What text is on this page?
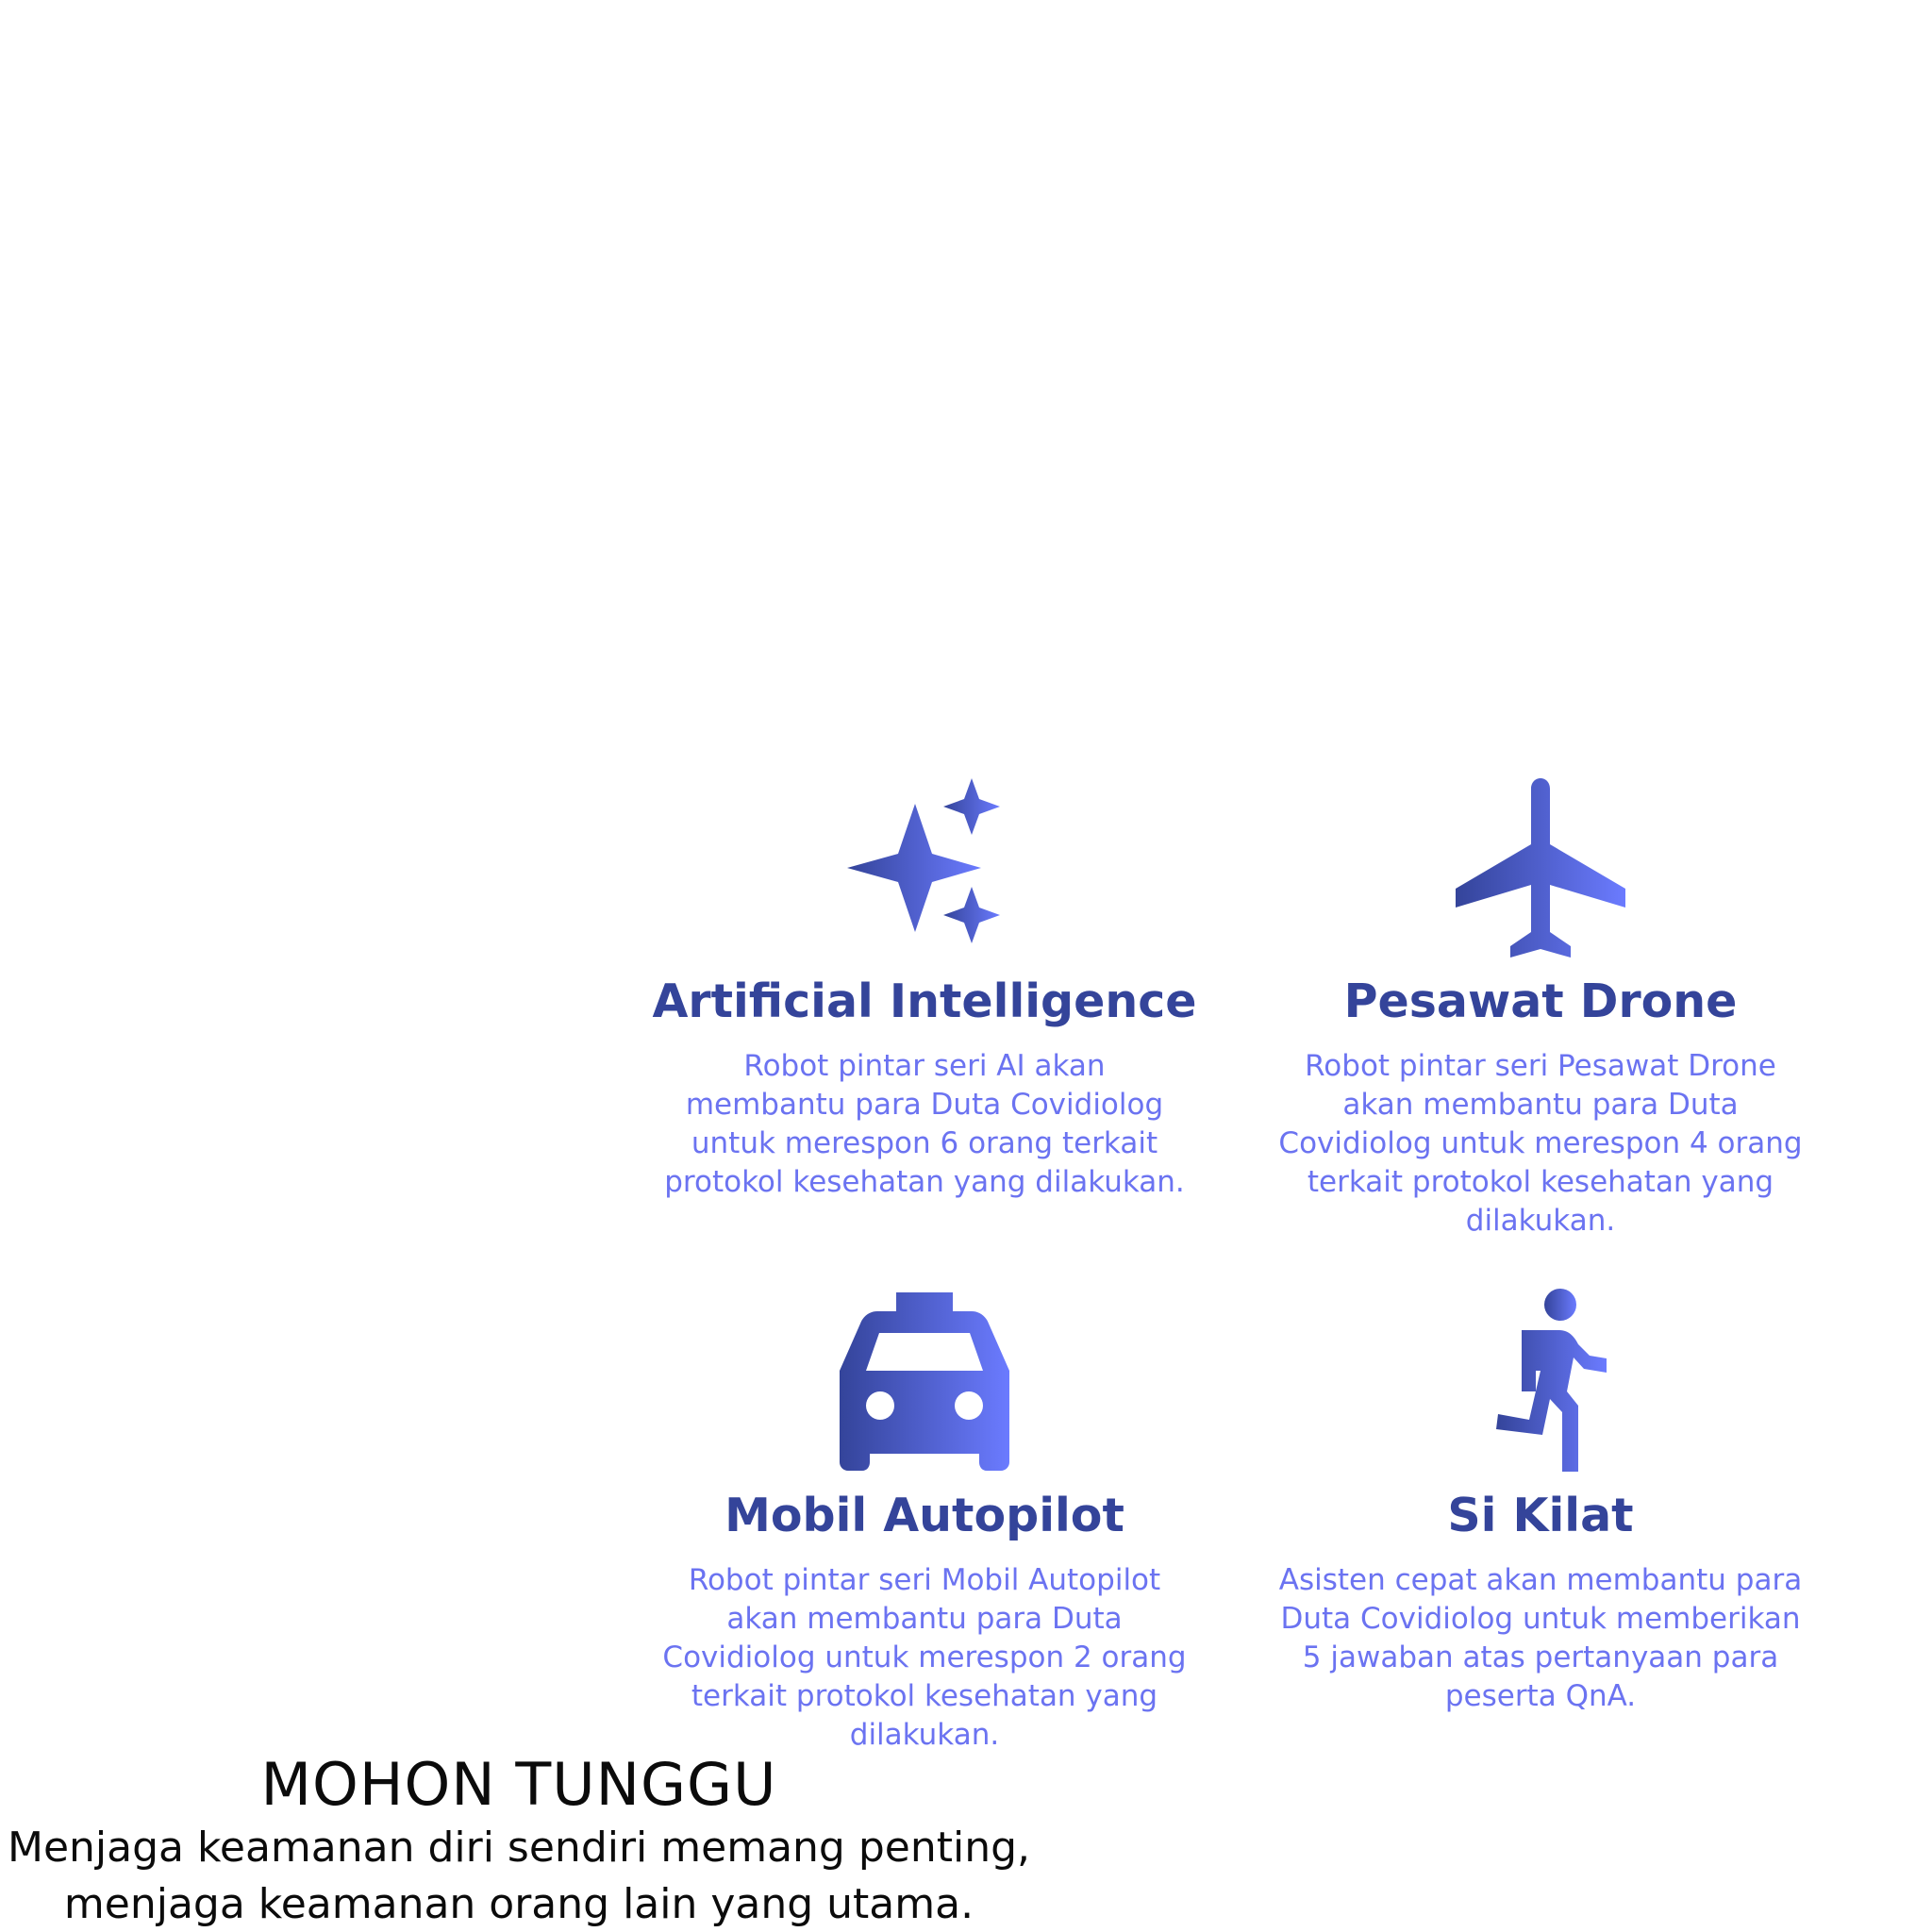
Artificial Intelligence
Robot pintar seri AI akan membantu para Duta Covidiolog untuk merespon 6 orang terkait protokol kesehatan yang dilakukan.
Pesawat Drone
Robot pintar seri Pesawat Drone akan membantu para Duta Covidiolog untuk merespon 4 orang terkait protokol kesehatan yang dilakukan.
Mobil Autopilot
Robot pintar seri Mobil Autopilot akan membantu para Duta Covidiolog untuk merespon 2 orang terkait protokol kesehatan yang dilakukan.
Si Kilat
Asisten cepat akan membantu para Duta Covidiolog untuk memberikan 5 jawaban atas pertanyaan para peserta QnA.
MOHON TUNGGU
Menjaga keamanan diri sendiri memang penting,
menjaga keamanan orang lain yang utama.
